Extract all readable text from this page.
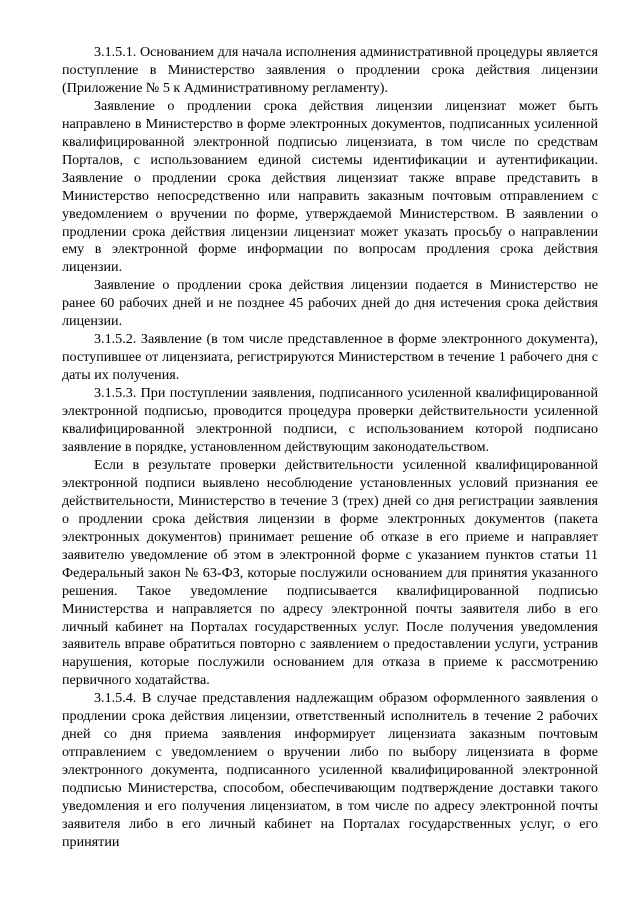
3.1.5.1. Основанием для начала исполнения административной процедуры является поступление в Министерство заявления о продлении срока действия лицензии (Приложение № 5 к Административному регламенту).

Заявление о продлении срока действия лицензии лицензиат может быть направлено в Министерство в форме электронных документов, подписанных усиленной квалифицированной электронной подписью лицензиата, в том числе по средствам Порталов, с использованием единой системы идентификации и аутентификации. Заявление о продлении срока действия лицензиат также вправе представить в Министерство непосредственно или направить заказным почтовым отправлением с уведомлением о вручении по форме, утверждаемой Министерством. В заявлении о продлении срока действия лицензии лицензиат может указать просьбу о направлении ему в электронной форме информации по вопросам продления срока действия лицензии.

Заявление о продлении срока действия лицензии подается в Министерство не ранее 60 рабочих дней и не позднее 45 рабочих дней до дня истечения срока действия лицензии.

3.1.5.2. Заявление (в том числе представленное в форме электронного документа), поступившее от лицензиата, регистрируются Министерством в течение 1 рабочего дня с даты их получения.

3.1.5.3. При поступлении заявления, подписанного усиленной квалифицированной электронной подписью, проводится процедура проверки действительности усиленной квалифицированной электронной подписи, с использованием которой подписано заявление в порядке, установленном действующим законодательством.

Если в результате проверки действительности усиленной квалифицированной электронной подписи выявлено несоблюдение установленных условий признания ее действительности, Министерство в течение 3 (трех) дней со дня регистрации заявления о продлении срока действия лицензии в форме электронных документов (пакета электронных документов) принимает решение об отказе в его приеме и направляет заявителю уведомление об этом в электронной форме с указанием пунктов статьи 11 Федеральный закон № 63-ФЗ, которые послужили основанием для принятия указанного решения. Такое уведомление подписывается квалифицированной подписью Министерства и направляется по адресу электронной почты заявителя либо в его личный кабинет на Порталах государственных услуг. После получения уведомления заявитель вправе обратиться повторно с заявлением о предоставлении услуги, устранив нарушения, которые послужили основанием для отказа в приеме к рассмотрению первичного ходатайства.

3.1.5.4. В случае представления надлежащим образом оформленного заявления о продлении срока действия лицензии, ответственный исполнитель в течение 2 рабочих дней со дня приема заявления информирует лицензиата заказным почтовым отправлением с уведомлением о вручении либо по выбору лицензиата в форме электронного документа, подписанного усиленной квалифицированной электронной подписью Министерства, способом, обеспечивающим подтверждение доставки такого уведомления и его получения лицензиатом, в том числе по адресу электронной почты заявителя либо в его личный кабинет на Порталах государственных услуг, о его принятии
